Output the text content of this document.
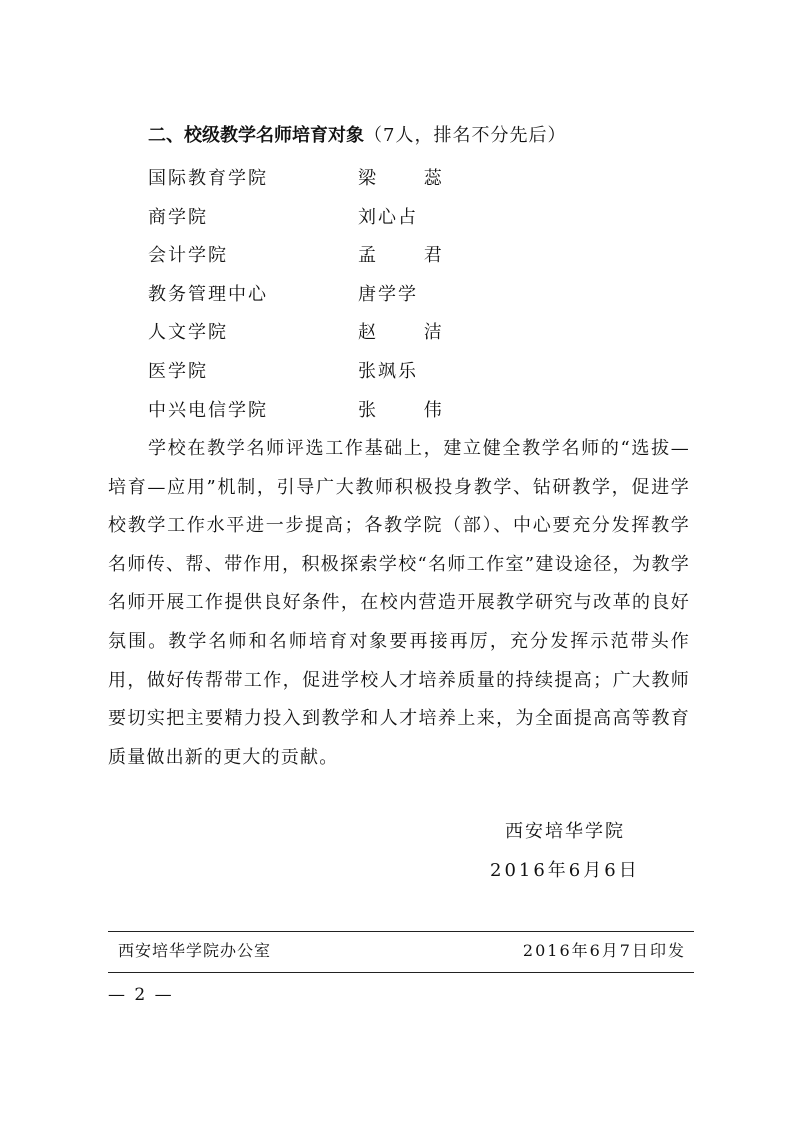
二、校级教学名师培育对象（7人，排名不分先后）
国际教育学院	梁 蕊
商学院	刘心占
会计学院	孟 君
教务管理中心	唐学学
人文学院	赵 洁
医学院	张飒乐
中兴电信学院	张 伟

学校在教学名师评选工作基础上，建立健全教学名师的“选拔—培育—应用”机制，引导广大教师积极投身教学、钻研教学，促进学校教学工作水平进一步提高；各教学院（部）、中心要充分发挥教学名师传、帮、带作用，积极探索学校“名师工作室”建设途径，为教学名师开展工作提供良好条件，在校内营造开展教学研究与改革的良好氛围。教学名师和名师培育对象要再接再厉，充分发挥示范带头作用，做好传帮带工作，促进学校人才培养质量的持续提高；广大教师要切实把主要精力投入到教学和人才培养上来，为全面提高高等教育质量做出新的更大的贡献。

西安培华学院
2016年6月6日
西安培华学院办公室	2016年6月7日印发
— 2 —
